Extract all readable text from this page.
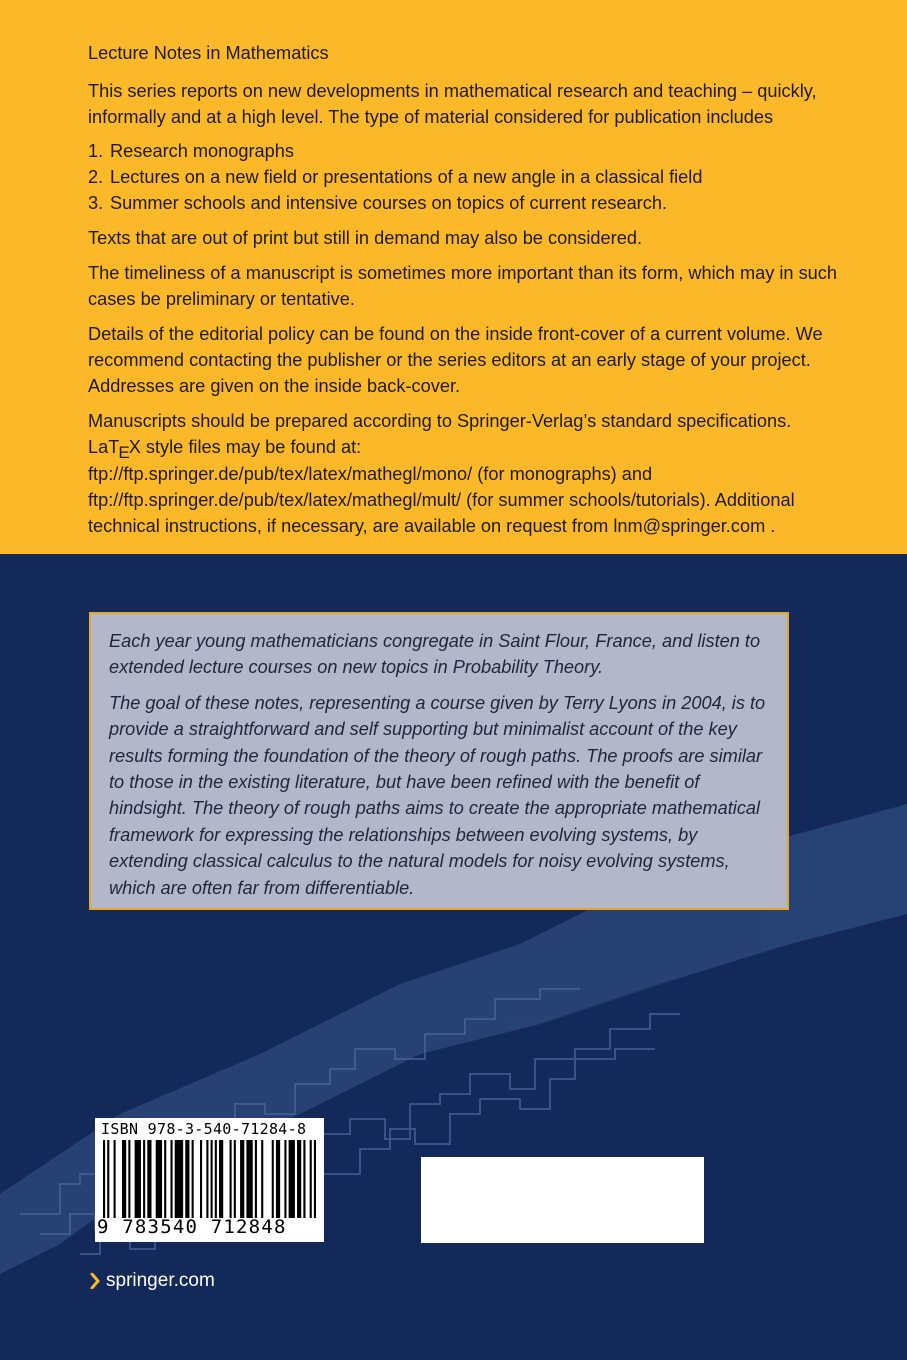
Lecture Notes in Mathematics

This series reports on new developments in mathematical research and teaching – quickly, informally and at a high level. The type of material considered for publication includes

1. Research monographs
2. Lectures on a new field or presentations of a new angle in a classical field
3. Summer schools and intensive courses on topics of current research.

Texts that are out of print but still in demand may also be considered.

The timeliness of a manuscript is sometimes more important than its form, which may in such cases be preliminary or tentative.

Details of the editorial policy can be found on the inside front-cover of a current volume. We recommend contacting the publisher or the series editors at an early stage of your project. Addresses are given on the inside back-cover.

Manuscripts should be prepared according to Springer-Verlag’s standard specifications.
LaTEX style files may be found at:
ftp://ftp.springer.de/pub/tex/latex/mathegl/mono/ (for monographs) and
ftp://ftp.springer.de/pub/tex/latex/mathegl/mult/ (for summer schools/tutorials). Additional technical instructions, if necessary, are available on request from lnm@springer.com .

Each year young mathematicians congregate in Saint Flour, France, and listen to extended lecture courses on new topics in Probability Theory.

The goal of these notes, representing a course given by Terry Lyons in 2004, is to provide a straightforward and self supporting but minimalist account of the key results forming the foundation of the theory of rough paths. The proofs are similar to those in the existing literature, but have been refined with the benefit of hindsight. The theory of rough paths aims to create the appropriate mathematical framework for expressing the relationships between evolving systems, by extending classical calculus to the natural models for noisy evolving systems, which are often far from differentiable.

ISBN 978-3-540-71284-8
9 783540 712848
springer.com
